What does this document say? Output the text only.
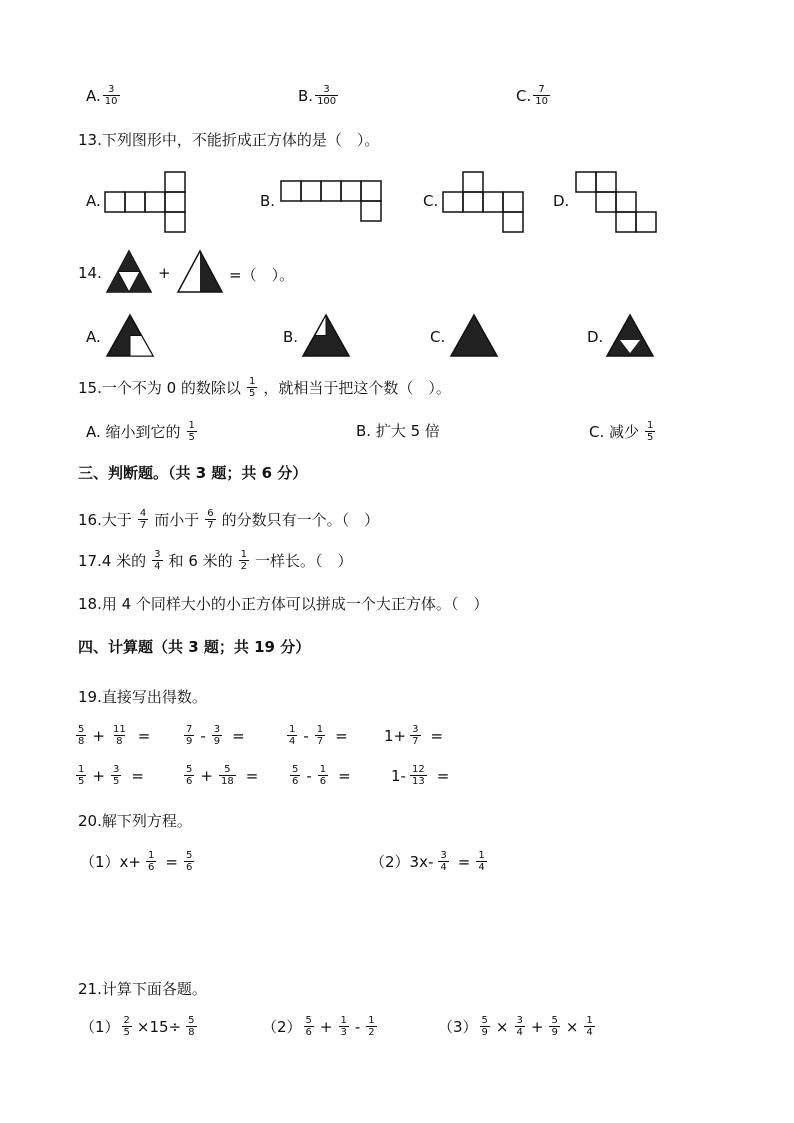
A. $\frac{3}{10}$	B. $\frac{3}{100}$	C. $\frac{7}{10}$
13.下列图形中，不能折成正方体的是（　）。
A.	B.	C.	D.
14.	+	=（　）。
A.	B.	C.	D.
15.一个不为 0 的数除以 $\frac{1}{5}$ ，就相当于把这个数（　）。
A. 缩小到它的 $\frac{1}{5}$	B. 扩大 5 倍	C. 减少 $\frac{1}{5}$
三、判断题。（共 3 题；共 6 分）
16.大于 $\frac{4}{7}$ 而小于 $\frac{6}{7}$ 的分数只有一个。（　）
17.4 米的 $\frac{3}{4}$ 和 6 米的 $\frac{1}{2}$ 一样长。（　）
18.用 4 个同样大小的小正方体可以拼成一个大正方体。（　）
四、计算题（共 3 题；共 19 分）
19.直接写出得数。
$\frac{5}{8} + \frac{11}{8}$ =	$\frac{7}{9} - \frac{3}{9}$ =	$\frac{1}{4} - \frac{1}{7} = 1+ \frac{3}{7}$ =
$\frac{1}{5} + \frac{3}{5}$ =	$\frac{5}{6} + \frac{5}{18}$ =	$\frac{5}{6} - \frac{1}{6}$ =	$1- \frac{12}{13}$ =
20.解下列方程。
$(1)x+ \frac{1}{6} = \frac{5}{6}$	$(2)3x- \frac{3}{4} = \frac{1}{4}$
21.计算下面各题。
$(1) \frac{2}{5} \times 15\div \frac{5}{8}$	$(2) \frac{5}{6} + \frac{1}{3} - \frac{1}{2}$	$(3) \frac{5}{9} \times \frac{3}{4} + \frac{5}{9} \times \frac{1}{4}$
